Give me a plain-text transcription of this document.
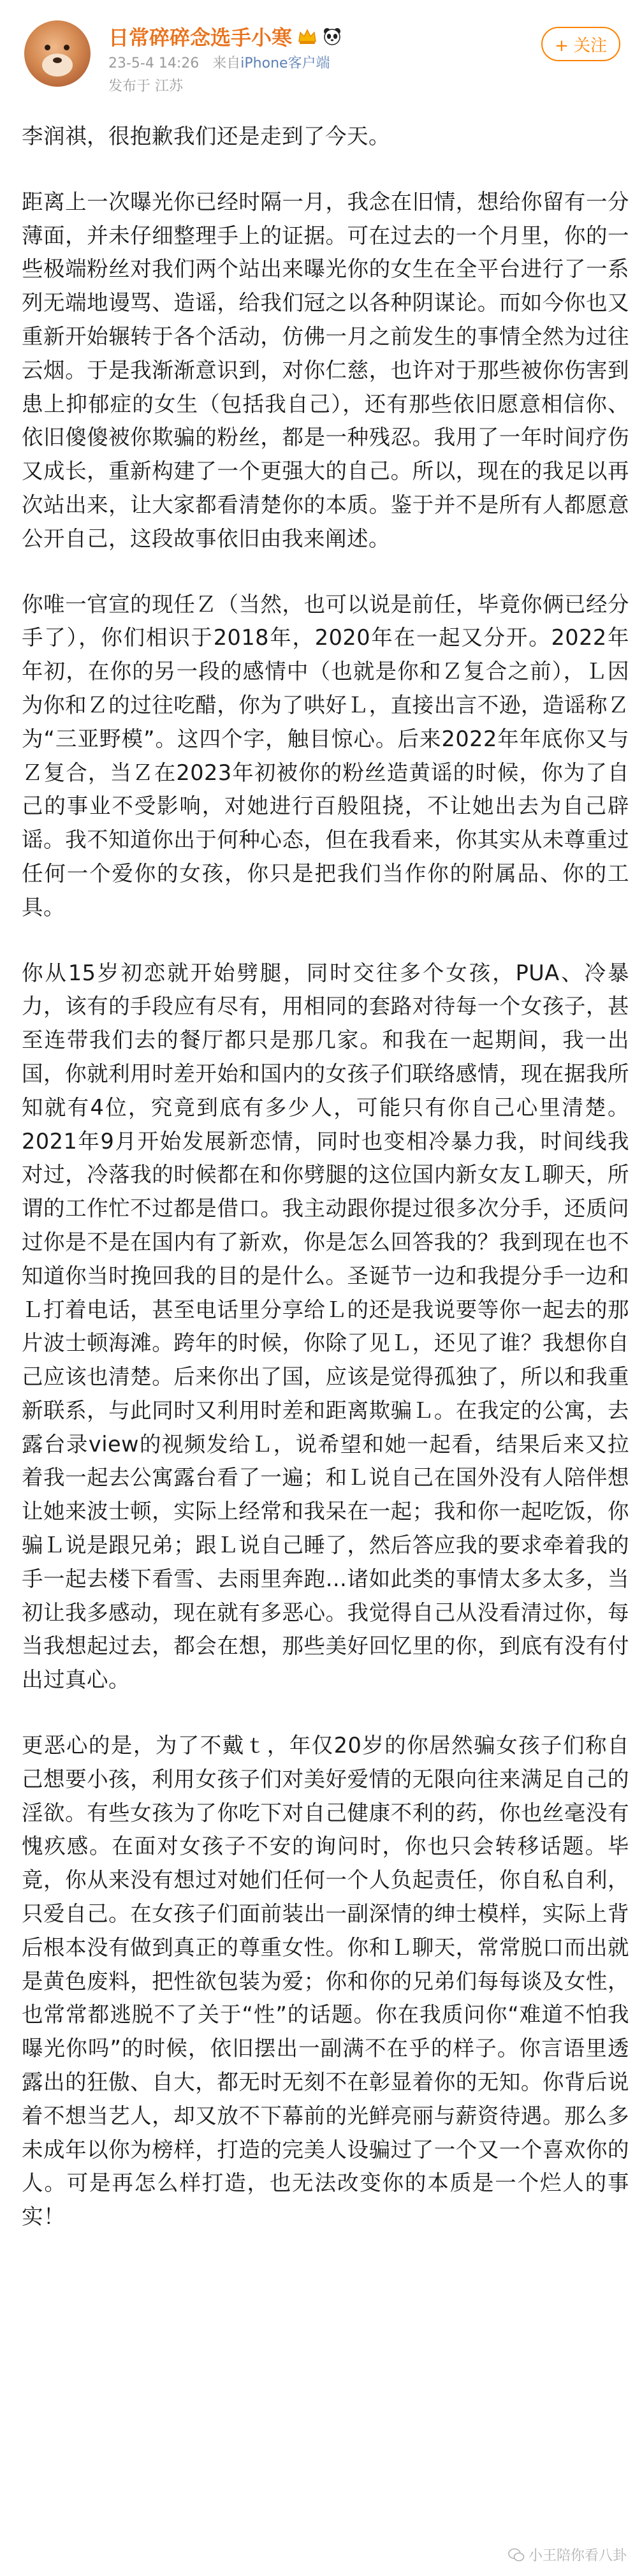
日常碎碎念选手小寒
23-5-4 14:26 来自iPhone客户端
发布于 江苏
+ 关注

李润祺，很抱歉我们还是走到了今天。

距离上一次曝光你已经时隔一月，我念在旧情，想给你留有一分薄面，并未仔细整理手上的证据。可在过去的一个月里，你的一些极端粉丝对我们两个站出来曝光你的女生在全平台进行了一系列无端地谩骂、造谣，给我们冠之以各种阴谋论。而如今你也又重新开始辗转于各个活动，仿佛一月之前发生的事情全然为过往云烟。于是我渐渐意识到，对你仁慈，也许对于那些被你伤害到患上抑郁症的女生（包括我自己），还有那些依旧愿意相信你、依旧傻傻被你欺骗的粉丝，都是一种残忍。我用了一年时间疗伤又成长，重新构建了一个更强大的自己。所以，现在的我足以再次站出来，让大家都看清楚你的本质。鉴于并不是所有人都愿意公开自己，这段故事依旧由我来阐述。

你唯一官宣的现任Ｚ（当然，也可以说是前任，毕竟你俩已经分手了），你们相识于2018年，2020年在一起又分开。2022年年初，在你的另一段的感情中（也就是你和Ｚ复合之前），Ｌ因为你和Ｚ的过往吃醋，你为了哄好Ｌ，直接出言不逊，造谣称Ｚ为“三亚野模”。这四个字，触目惊心。后来2022年年底你又与Ｚ复合，当Ｚ在2023年初被你的粉丝造黄谣的时候，你为了自己的事业不受影响，对她进行百般阻挠，不让她出去为自己辟谣。我不知道你出于何种心态，但在我看来，你其实从未尊重过任何一个爱你的女孩，你只是把我们当作你的附属品、你的工具。

你从15岁初恋就开始劈腿，同时交往多个女孩，PUA、冷暴力，该有的手段应有尽有，用相同的套路对待每一个女孩子，甚至连带我们去的餐厅都只是那几家。和我在一起期间，我一出国，你就利用时差开始和国内的女孩子们联络感情，现在据我所知就有4位，究竟到底有多少人，可能只有你自己心里清楚。2021年9月开始发展新恋情，同时也变相冷暴力我，时间线我对过，冷落我的时候都在和你劈腿的这位国内新女友Ｌ聊天，所谓的工作忙不过都是借口。我主动跟你提过很多次分手，还质问过你是不是在国内有了新欢，你是怎么回答我的？我到现在也不知道你当时挽回我的目的是什么。圣诞节一边和我提分手一边和Ｌ打着电话，甚至电话里分享给Ｌ的还是我说要等你一起去的那片波士顿海滩。跨年的时候，你除了见Ｌ，还见了谁？我想你自己应该也清楚。后来你出了国，应该是觉得孤独了，所以和我重新联系，与此同时又利用时差和距离欺骗Ｌ。在我定的公寓，去露台录view的视频发给Ｌ，说希望和她一起看，结果后来又拉着我一起去公寓露台看了一遍；和Ｌ说自己在国外没有人陪伴想让她来波士顿，实际上经常和我呆在一起；我和你一起吃饭，你骗Ｌ说是跟兄弟；跟Ｌ说自己睡了，然后答应我的要求牵着我的手一起去楼下看雪、去雨里奔跑…诸如此类的事情太多太多，当初让我多感动，现在就有多恶心。我觉得自己从没看清过你，每当我想起过去，都会在想，那些美好回忆里的你，到底有没有付出过真心。

更恶心的是，为了不戴ｔ，年仅20岁的你居然骗女孩子们称自己想要小孩，利用女孩子们对美好爱情的无限向往来满足自己的淫欲。有些女孩为了你吃下对自己健康不利的药，你也丝毫没有愧疚感。在面对女孩子不安的询问时，你也只会转移话题。毕竟，你从来没有想过对她们任何一个人负起责任，你自私自利，只爱自己。在女孩子们面前装出一副深情的绅士模样，实际上背后根本没有做到真正的尊重女性。你和Ｌ聊天，常常脱口而出就是黄色废料，把性欲包装为爱；你和你的兄弟们每每谈及女性，也常常都逃脱不了关于“性”的话题。你在我质问你“难道不怕我曝光你吗”的时候，依旧摆出一副满不在乎的样子。你言语里透露出的狂傲、自大，都无时无刻不在彰显着你的无知。你背后说着不想当艺人，却又放不下幕前的光鲜亮丽与薪资待遇。那么多未成年以你为榜样，打造的完美人设骗过了一个又一个喜欢你的人。可是再怎么样打造，也无法改变你的本质是一个烂人的事实！

小王陪你看八卦
